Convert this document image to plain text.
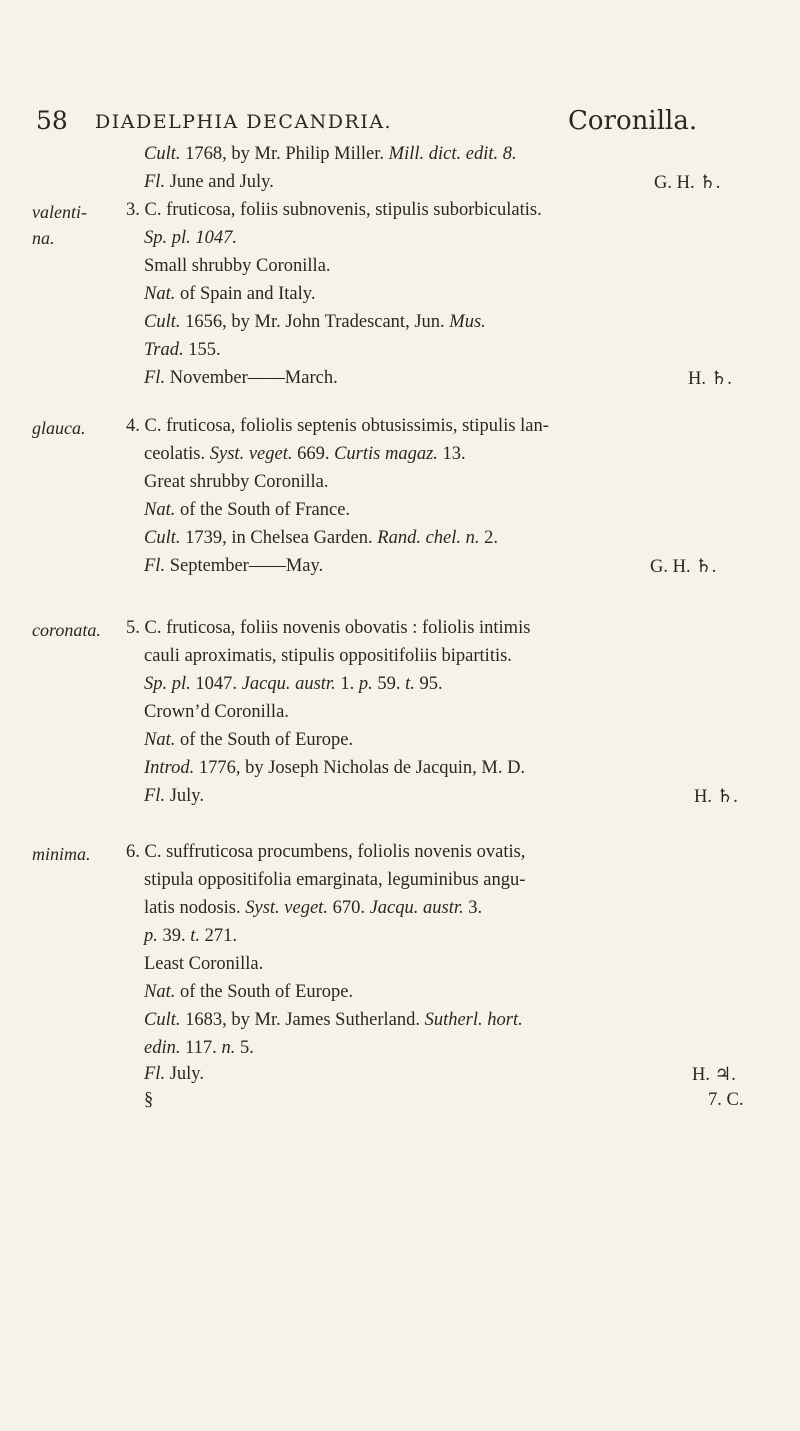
58 DIADELPHIA DECANDRIA.	Coronilla.
Cult. 1768, by Mr. Philip Miller. Mill. dict. edit. 8.
Fl. June and July.	G. H. ♄.
valenti-
na.
3. C. fruticosa, foliis subnovenis, stipulis suborbiculatis.
Sp. pl. 1047.
Small shrubby Coronilla.
Nat. of Spain and Italy.
Cult. 1656, by Mr. John Tradescant, Jun. Mus.
Trad. 155.
Fl. November——March.	H. ♄.
glauca. 4. C. fruticosa, foliolis septenis obtusissimis, stipulis lan-
ceolatis. Syst. veget. 669. Curtis magaz. 13.
Great shrubby Coronilla.
Nat. of the South of France.
Cult. 1739, in Chelsea Garden. Rand. chel. n. 2.
Fl. September——May.	G. H. ♄.
coronata. 5. C. fruticosa, foliis novenis obovatis : foliolis intimis
cauli aproximatis, stipulis oppositifoliis bipartitis.
Sp. pl. 1047. Jacqu. austr. 1. p. 59. t. 95.
Crown’d Coronilla.
Nat. of the South of Europe.
Introd. 1776, by Joseph Nicholas de Jacquin, M. D.
Fl. July.	H. ♄.
minima. 6. C. suffruticosa procumbens, foliolis novenis ovatis,
stipula oppositifolia emarginata, leguminibus angu-
latis nodosis. Syst. veget. 670. Jacqu. austr. 3.
p. 39. t. 271.
Least Coronilla.
Nat. of the South of Europe.
Cult. 1683, by Mr. James Sutherland. Sutherl. hort.
edin. 117. n. 5.
Fl. July.	H. ♃.
§	7. C.
